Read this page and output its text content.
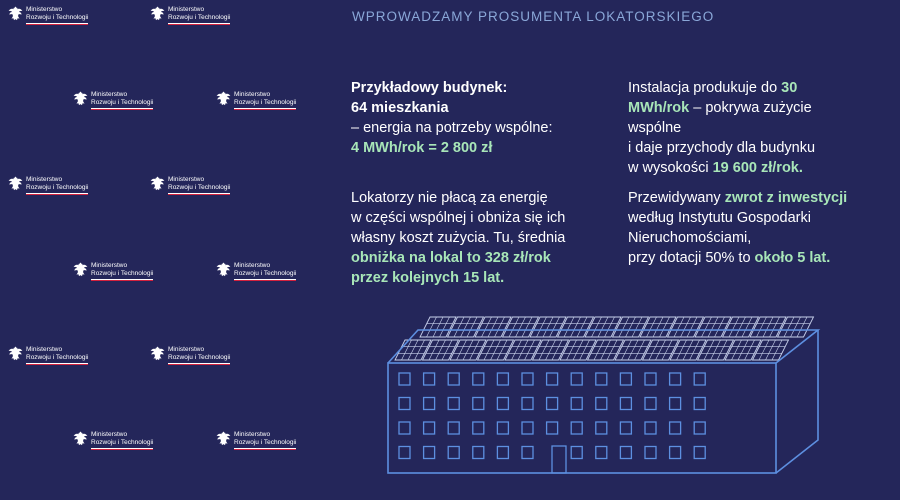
Ministerstwo
Rozwoju i Technologii
Ministerstwo
Rozwoju i Technologii
Ministerstwo
Rozwoju i Technologii
Ministerstwo
Rozwoju i Technologii
Ministerstwo
Rozwoju i Technologii
Ministerstwo
Rozwoju i Technologii
Ministerstwo
Rozwoju i Technologii
Ministerstwo
Rozwoju i Technologii
Ministerstwo
Rozwoju i Technologii
Ministerstwo
Rozwoju i Technologii
Ministerstwo
Rozwoju i Technologii
Ministerstwo
Rozwoju i Technologii
WPROWADZAMY PROSUMENTA LOKATORSKIEGO
Przykładowy budynek:
64 mieszkania
– energia na potrzeby wspólne:
4 MWh/rok = 2 800 zł
Lokatorzy nie płacą za energię
w części wspólnej i obniża się ich
własny koszt zużycia. Tu, średnia
obniżka na lokal to 328 zł/rok
przez kolejnych 15 lat.
Instalacja produkuje do 30
MWh/rok – pokrywa zużycie
wspólne
i daje przychody dla budynku
w wysokości 19 600 zł/rok.
Przewidywany zwrot z inwestycji
według Instytutu Gospodarki
Nieruchomościami,
przy dotacji 50% to około 5 lat.
